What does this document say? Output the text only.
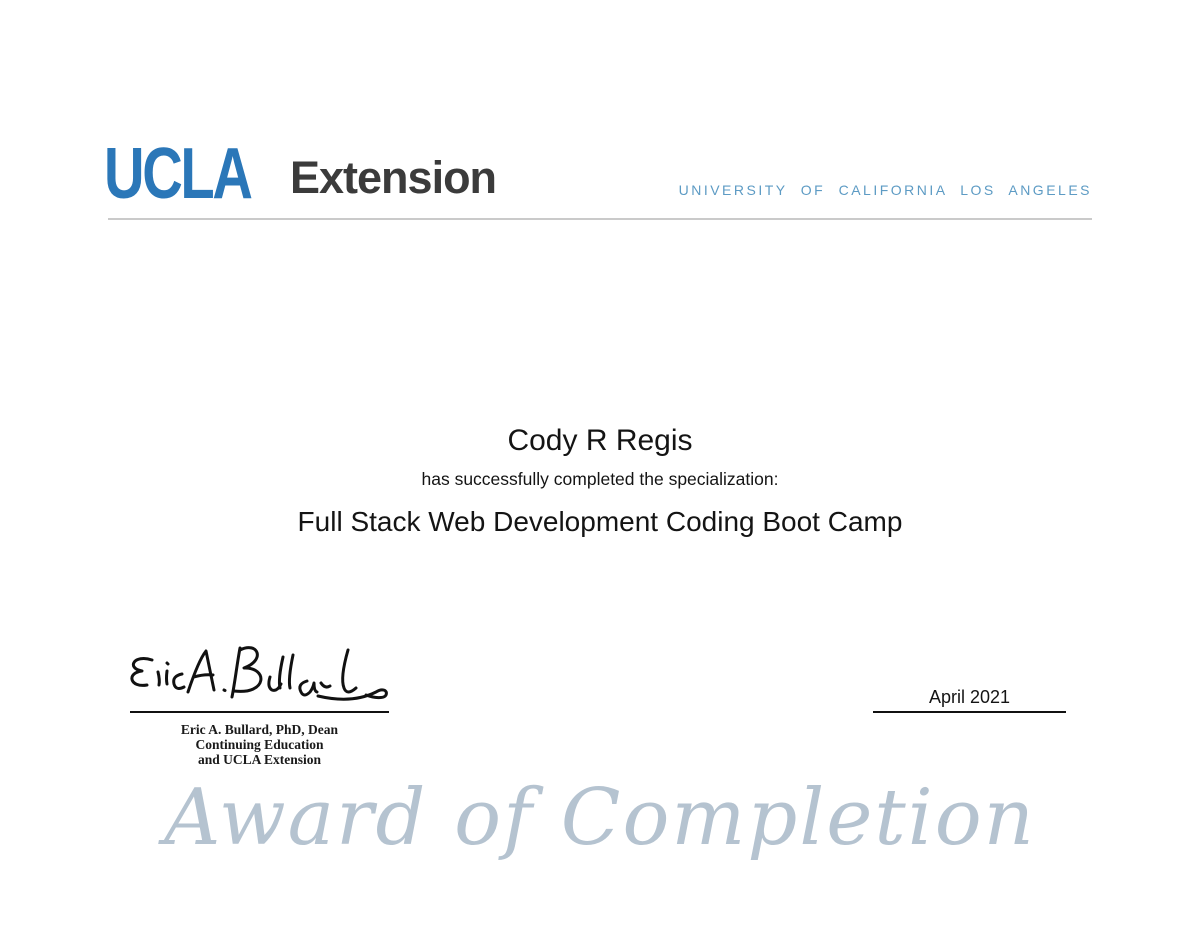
UCLA Extension	UNIVERSITY OF CALIFORNIA LOS ANGELES
Cody R Regis
has successfully completed the specialization:
Full Stack Web Development Coding Boot Camp
Eric A. Bullard, PhD, Dean
Continuing Education
and UCLA Extension
April 2021
Award of Completion
